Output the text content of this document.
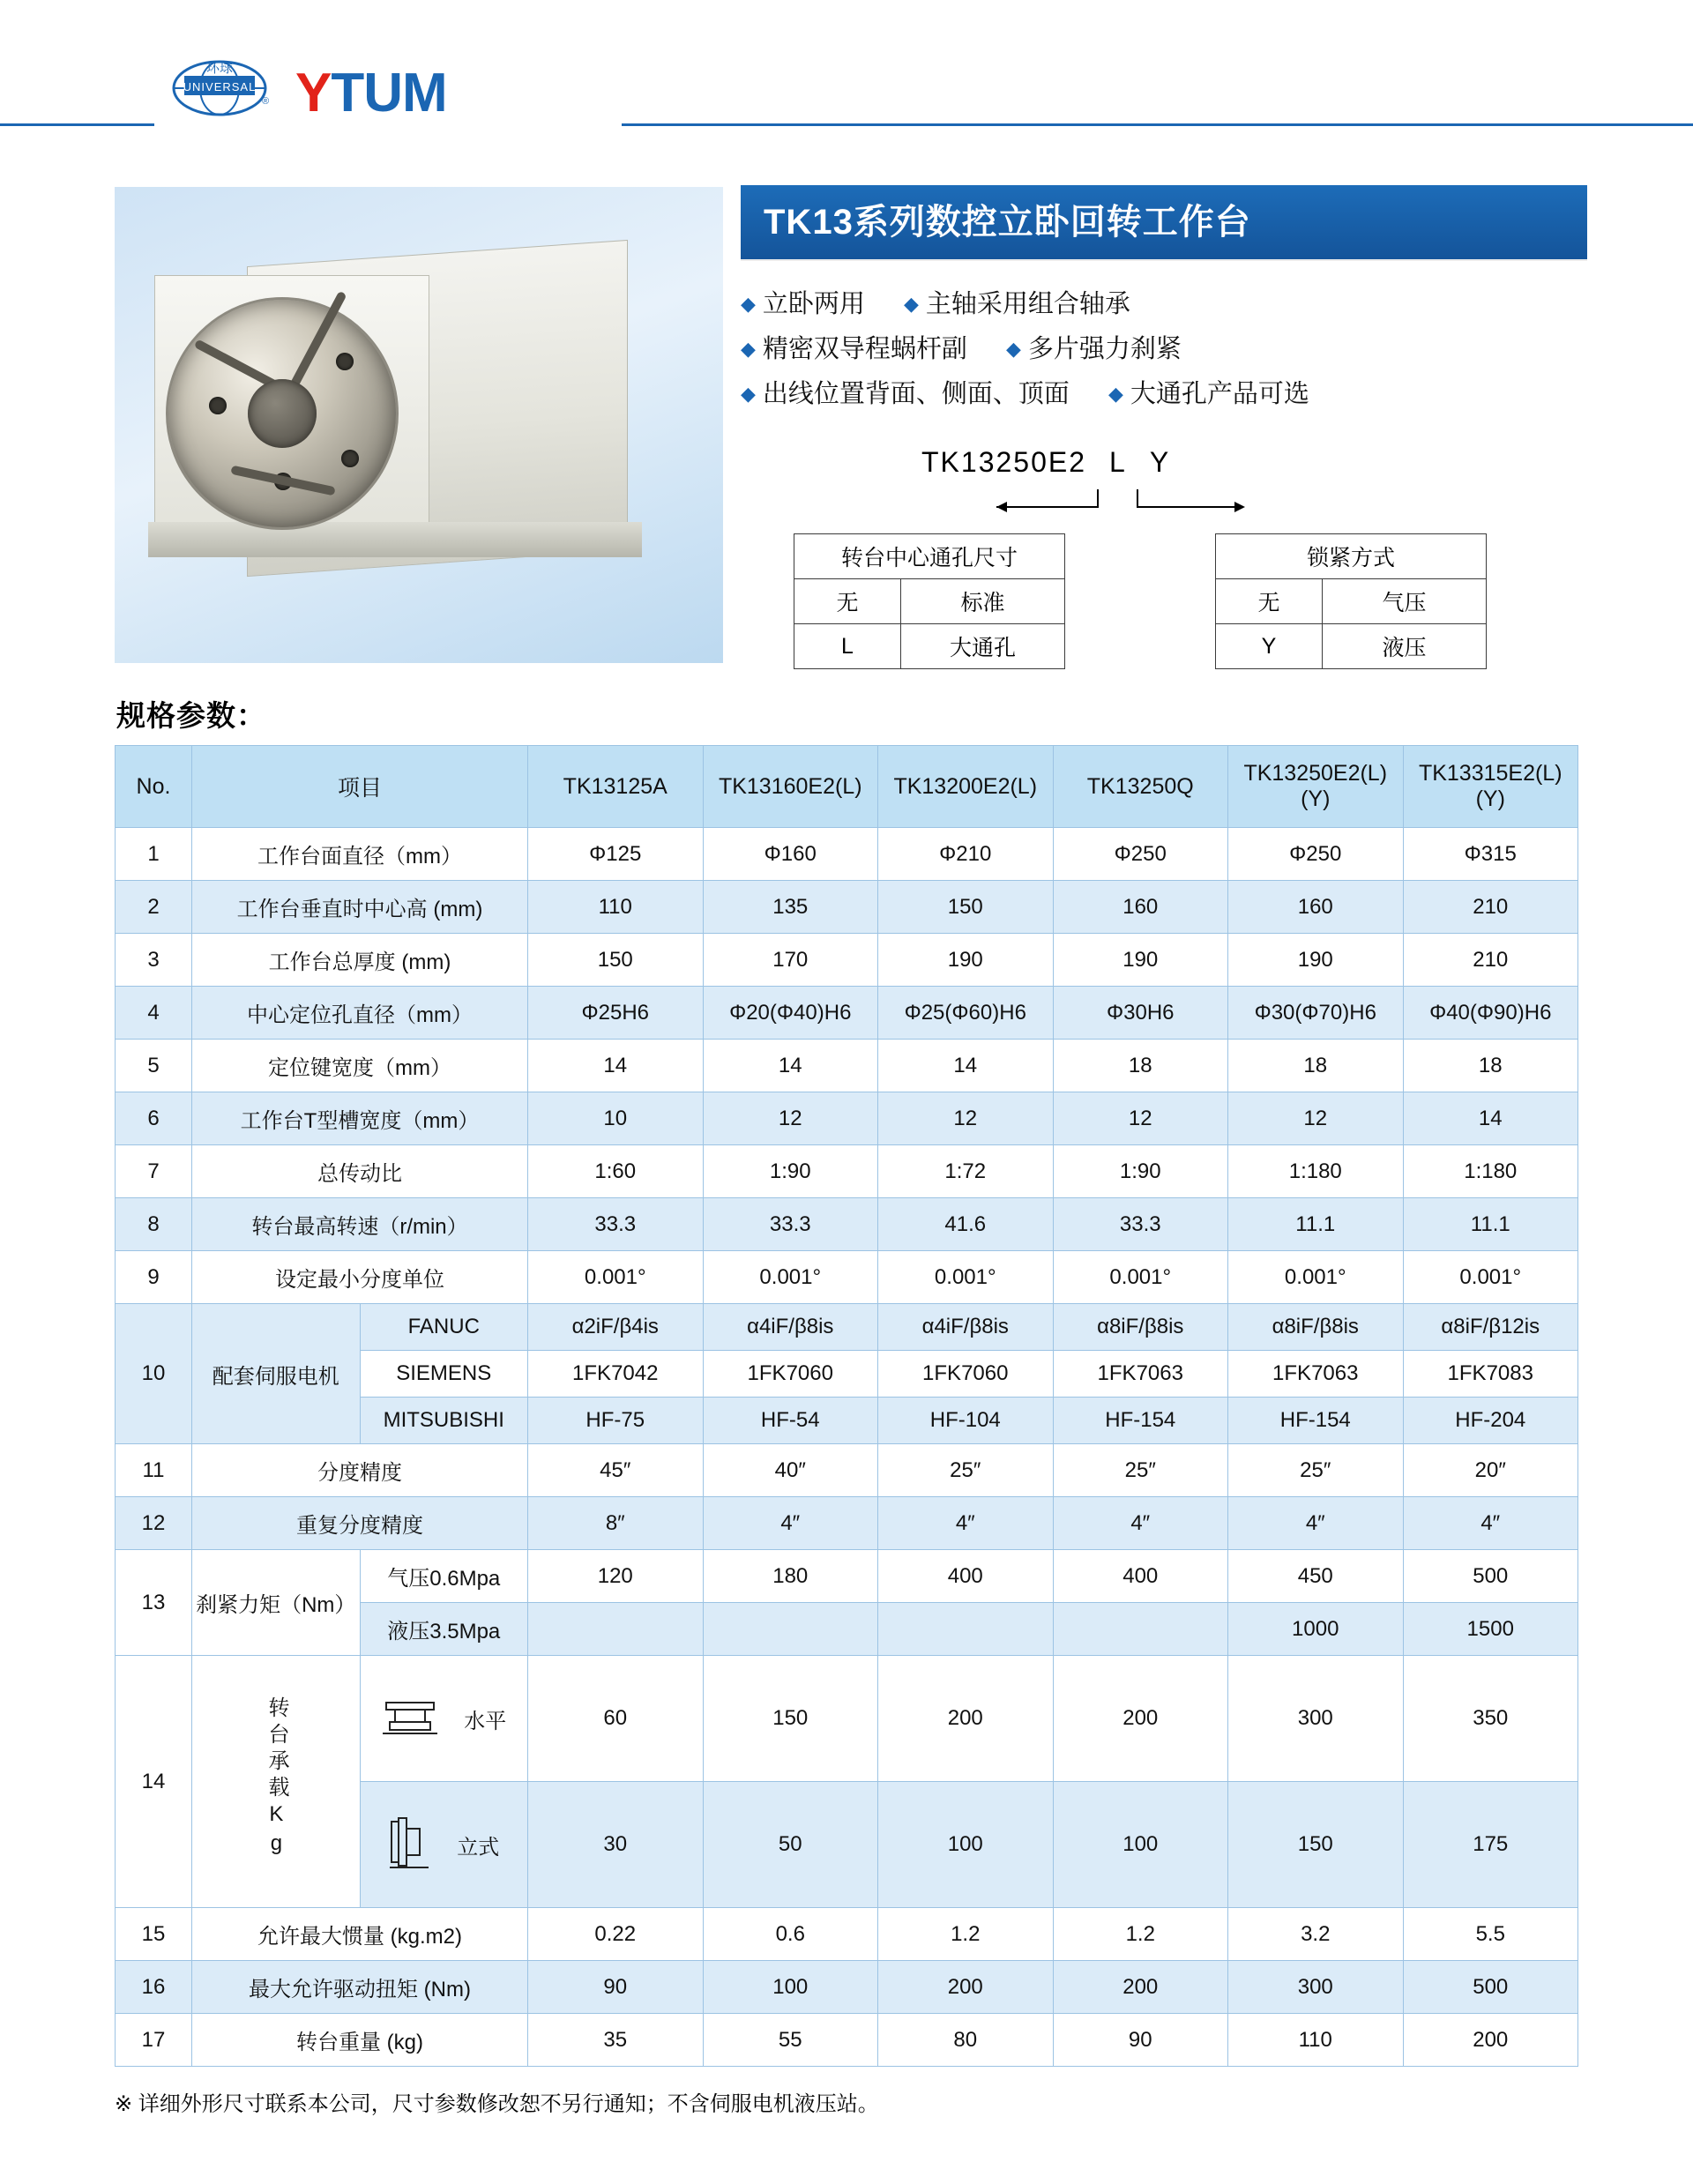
环球
UNIVERSAL
® YTUM
TK13系列数控立卧回转工作台
◆ 立卧两用 ◆ 主轴采用组合轴承
◆ 精密双导程蜗杆副 ◆ 多片强力刹紧
◆ 出线位置背面、侧面、顶面 ◆ 大通孔产品可选
TK13250E2 L Y
转台中心通孔尺寸	
无	标准
L	大通孔
锁紧方式	
无	气压
Y	液压
规格参数：
No.	项目		TK13125A	TK13160E2(L)	TK13200E2(L)	TK13250Q	TK13250E2(L)(Y)	TK13315E2(L)(Y)
1	工作台面直径（mm）		Φ125	Φ160	Φ210	Φ250	Φ250	Φ315
2	工作台垂直时中心高 (mm)		110	135	150	160	160	210
3	工作台总厚度 (mm)		150	170	190	190	190	210
4	中心定位孔直径（mm）		Φ25H6	Φ20(Φ40)H6	Φ25(Φ60)H6	Φ30H6	Φ30(Φ70)H6	Φ40(Φ90)H6
5	定位键宽度（mm）		14	14	14	18	18	18
6	工作台T型槽宽度（mm）		10	12	12	12	12	14
7	总传动比		1:60	1:90	1:72	1:90	1:180	1:180
8	转台最高转速（r/min）		33.3	33.3	41.6	33.3	11.1	11.1
9	设定最小分度单位		0.001°	0.001°	0.001°	0.001°	0.001°	0.001°
10	配套伺服电机	FANUC	α2iF/β4is	α4iF/β8is	α4iF/β8is	α8iF/β8is	α8iF/β8is	α8iF/β12is
		SIEMENS	1FK7042	1FK7060	1FK7060	1FK7063	1FK7063	1FK7083
		MITSUBISHI	HF-75	HF-54	HF-104	HF-154	HF-154	HF-204
11	分度精度		45″	40″	25″	25″	25″	20″
12	重复分度精度		8″	4″	4″	4″	4″	4″
13	刹紧力矩（Nm）	气压0.6Mpa	120	180	400	400	450	500
		液压3.5Mpa					1000	1500
14	转台承载Kg	水平	60	150	200	200	300	350

		立式	30	50	100	100	150	175
15	允许最大惯量 (kg.m2)		0.22	0.6	1.2	1.2	3.2	5.5
16	最大允许驱动扭矩 (Nm)		90	100	200	200	300	500
17	转台重量 (kg)		35	55	80	90	110	200
※ 详细外形尺寸联系本公司，尺寸参数修改恕不另行通知；不含伺服电机液压站。
